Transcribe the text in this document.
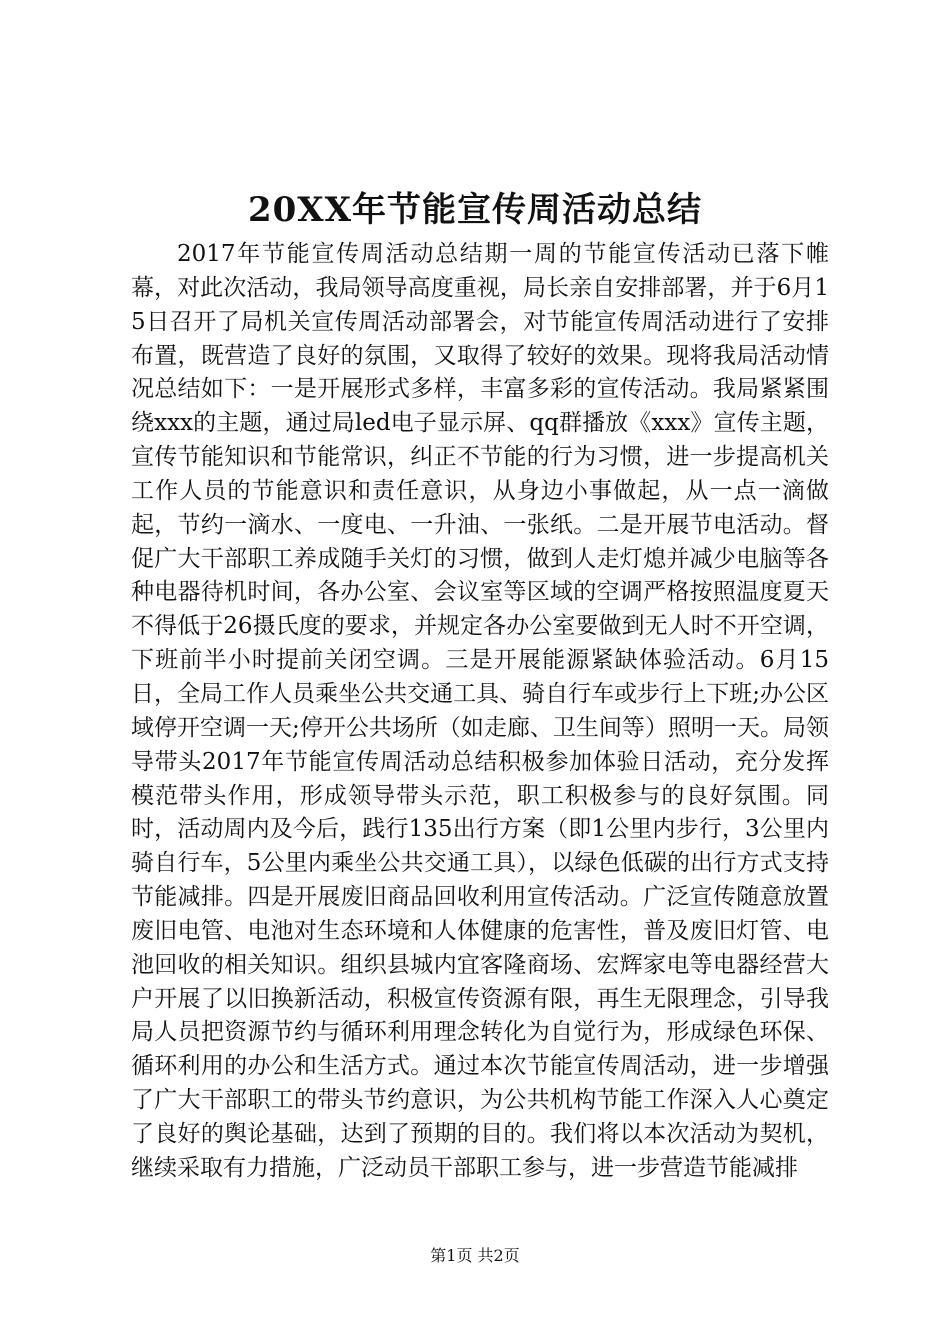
20XX年节能宣传周活动总结

2017年节能宣传周活动总结期一周的节能宣传活动已落下帷幕，对此次活动，我局领导高度重视，局长亲自安排部署，并于6月15日召开了局机关宣传周活动部署会，对节能宣传周活动进行了安排布置，既营造了良好的氛围，又取得了较好的效果。现将我局活动情况总结如下：一是开展形式多样，丰富多彩的宣传活动。我局紧紧围绕xxx的主题，通过局led电子显示屏、qq群播放《xxx》宣传主题，宣传节能知识和节能常识，纠正不节能的行为习惯，进一步提高机关工作人员的节能意识和责任意识，从身边小事做起，从一点一滴做起，节约一滴水、一度电、一升油、一张纸。二是开展节电活动。督促广大干部职工养成随手关灯的习惯，做到人走灯熄并减少电脑等各种电器待机时间，各办公室、会议室等区域的空调严格按照温度夏天不得低于26摄氏度的要求，并规定各办公室要做到无人时不开空调，下班前半小时提前关闭空调。三是开展能源紧缺体验活动。6月15日，全局工作人员乘坐公共交通工具、骑自行车或步行上下班;办公区域停开空调一天;停开公共场所（如走廊、卫生间等）照明一天。局领导带头2017年节能宣传周活动总结积极参加体验日活动，充分发挥模范带头作用，形成领导带头示范，职工积极参与的良好氛围。同时，活动周内及今后，践行135出行方案（即1公里内步行，3公里内骑自行车，5公里内乘坐公共交通工具），以绿色低碳的出行方式支持节能减排。四是开展废旧商品回收利用宣传活动。广泛宣传随意放置废旧电管、电池对生态环境和人体健康的危害性，普及废旧灯管、电池回收的相关知识。组织县城内宜客隆商场、宏辉家电等电器经营大户开展了以旧换新活动，积极宣传资源有限，再生无限理念，引导我局人员把资源节约与循环利用理念转化为自觉行为，形成绿色环保、循环利用的办公和生活方式。通过本次节能宣传周活动，进一步增强了广大干部职工的带头节约意识，为公共机构节能工作深入人心奠定了良好的舆论基础，达到了预期的目的。我们将以本次活动为契机，继续采取有力措施，广泛动员干部职工参与，进一步营造节能减排

第1页 共2页
